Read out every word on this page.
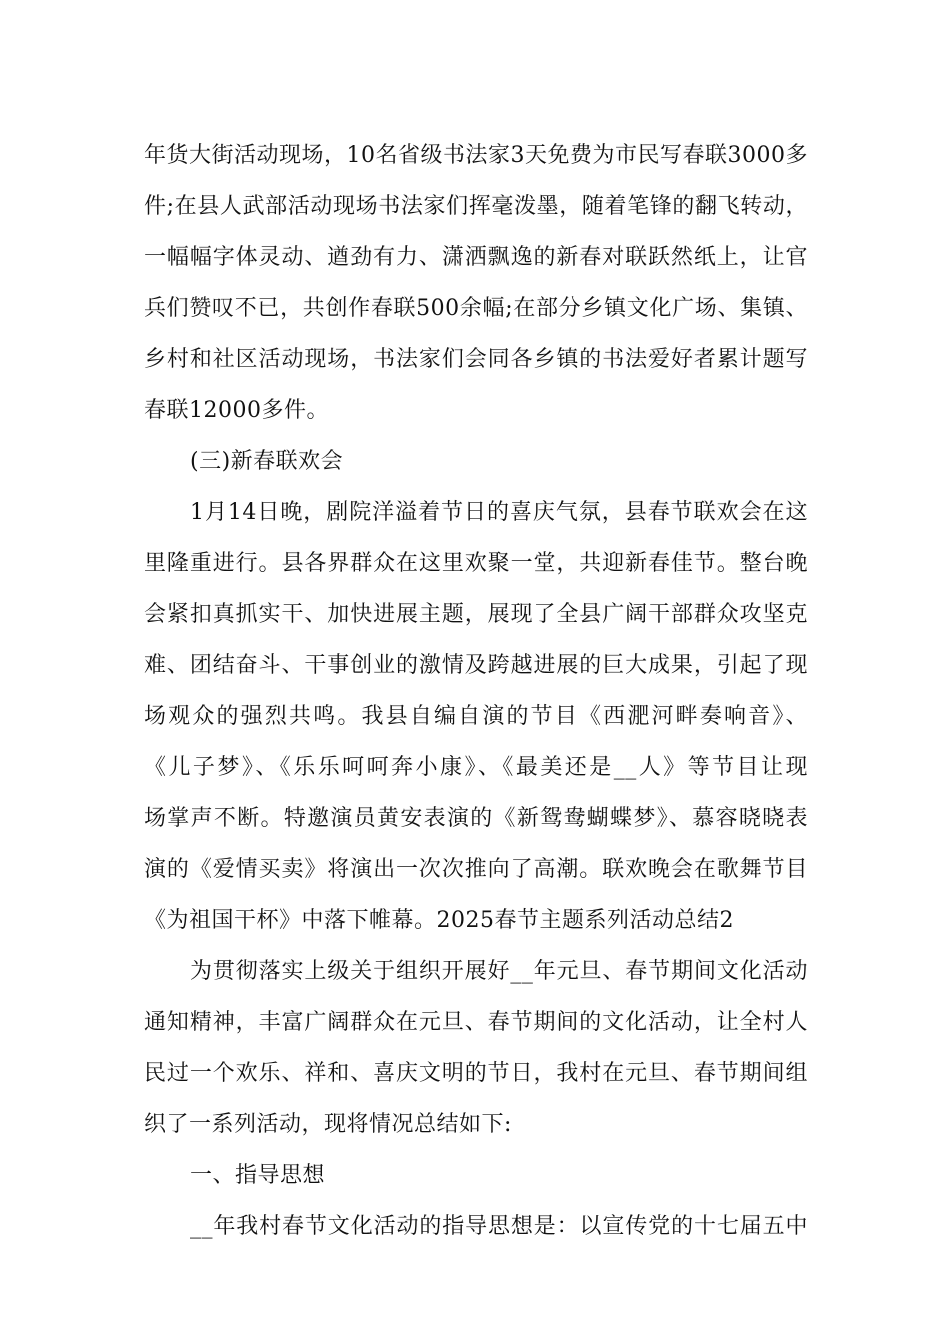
年货大街活动现场，10名省级书法家3天免费为市民写春联3000多
件;在县人武部活动现场书法家们挥毫泼墨，随着笔锋的翻飞转动，
一幅幅字体灵动、遒劲有力、潇洒飘逸的新春对联跃然纸上，让官
兵们赞叹不已，共创作春联500余幅;在部分乡镇文化广场、集镇、
乡村和社区活动现场，书法家们会同各乡镇的书法爱好者累计题写
春联12000多件。
(三)新春联欢会
1月14日晚，剧院洋溢着节日的喜庆气氛，县春节联欢会在这
里隆重进行。县各界群众在这里欢聚一堂，共迎新春佳节。整台晚
会紧扣真抓实干、加快进展主题，展现了全县广阔干部群众攻坚克
难、团结奋斗、干事创业的激情及跨越进展的巨大成果，引起了现
场观众的强烈共鸣。我县自编自演的节目《西淝河畔奏响音》、
《儿子梦》、《乐乐呵呵奔小康》、《最美还是__人》等节目让现
场掌声不断。特邀演员黄安表演的《新鸳鸯蝴蝶梦》、慕容晓晓表
演的《爱情买卖》将演出一次次推向了高潮。联欢晚会在歌舞节目
《为祖国干杯》中落下帷幕。2025春节主题系列活动总结2
为贯彻落实上级关于组织开展好__年元旦、春节期间文化活动
通知精神，丰富广阔群众在元旦、春节期间的文化活动，让全村人
民过一个欢乐、祥和、喜庆文明的节日，我村在元旦、春节期间组
织了一系列活动，现将情况总结如下:
一、指导思想
__年我村春节文化活动的指导思想是：以宣传党的十七届五中
